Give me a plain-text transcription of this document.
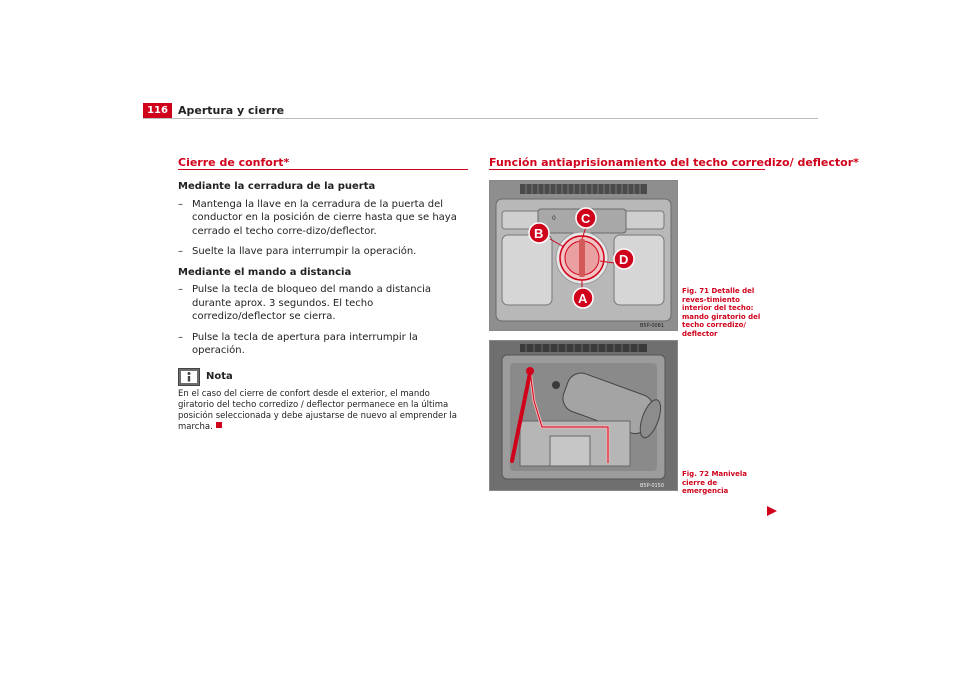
116 Apertura y cierre
Cierre de confort*

Mediante la cerradura de la puerta

– Mantenga la llave en la cerradura de la puerta del conductor en la posición de cierre hasta que se haya cerrado el techo corre-dizo/deflector.

– Suelte la llave para interrumpir la operación.

Mediante el mando a distancia

– Pulse la tecla de bloqueo del mando a distancia durante aprox. 3 segundos. El techo corredizo/deflector se cierra.

– Pulse la tecla de apertura para interrumpir la operación.

Nota
En el caso del cierre de confort desde el exterior, el mando giratorio del techo corredizo / deflector permanece en la última posición seleccionada y debe ajustarse de nuevo al emprender la marcha.
Función antiaprisionamiento del techo corredizo/ deflector*
0 C
B
D
A
B5P-0081
Fig. 71 Detalle del reves-timiento interior del techo: mando giratorio del techo corredizo/ deflector
B5P-0150
Fig. 72 Manivela cierre de emergencia
